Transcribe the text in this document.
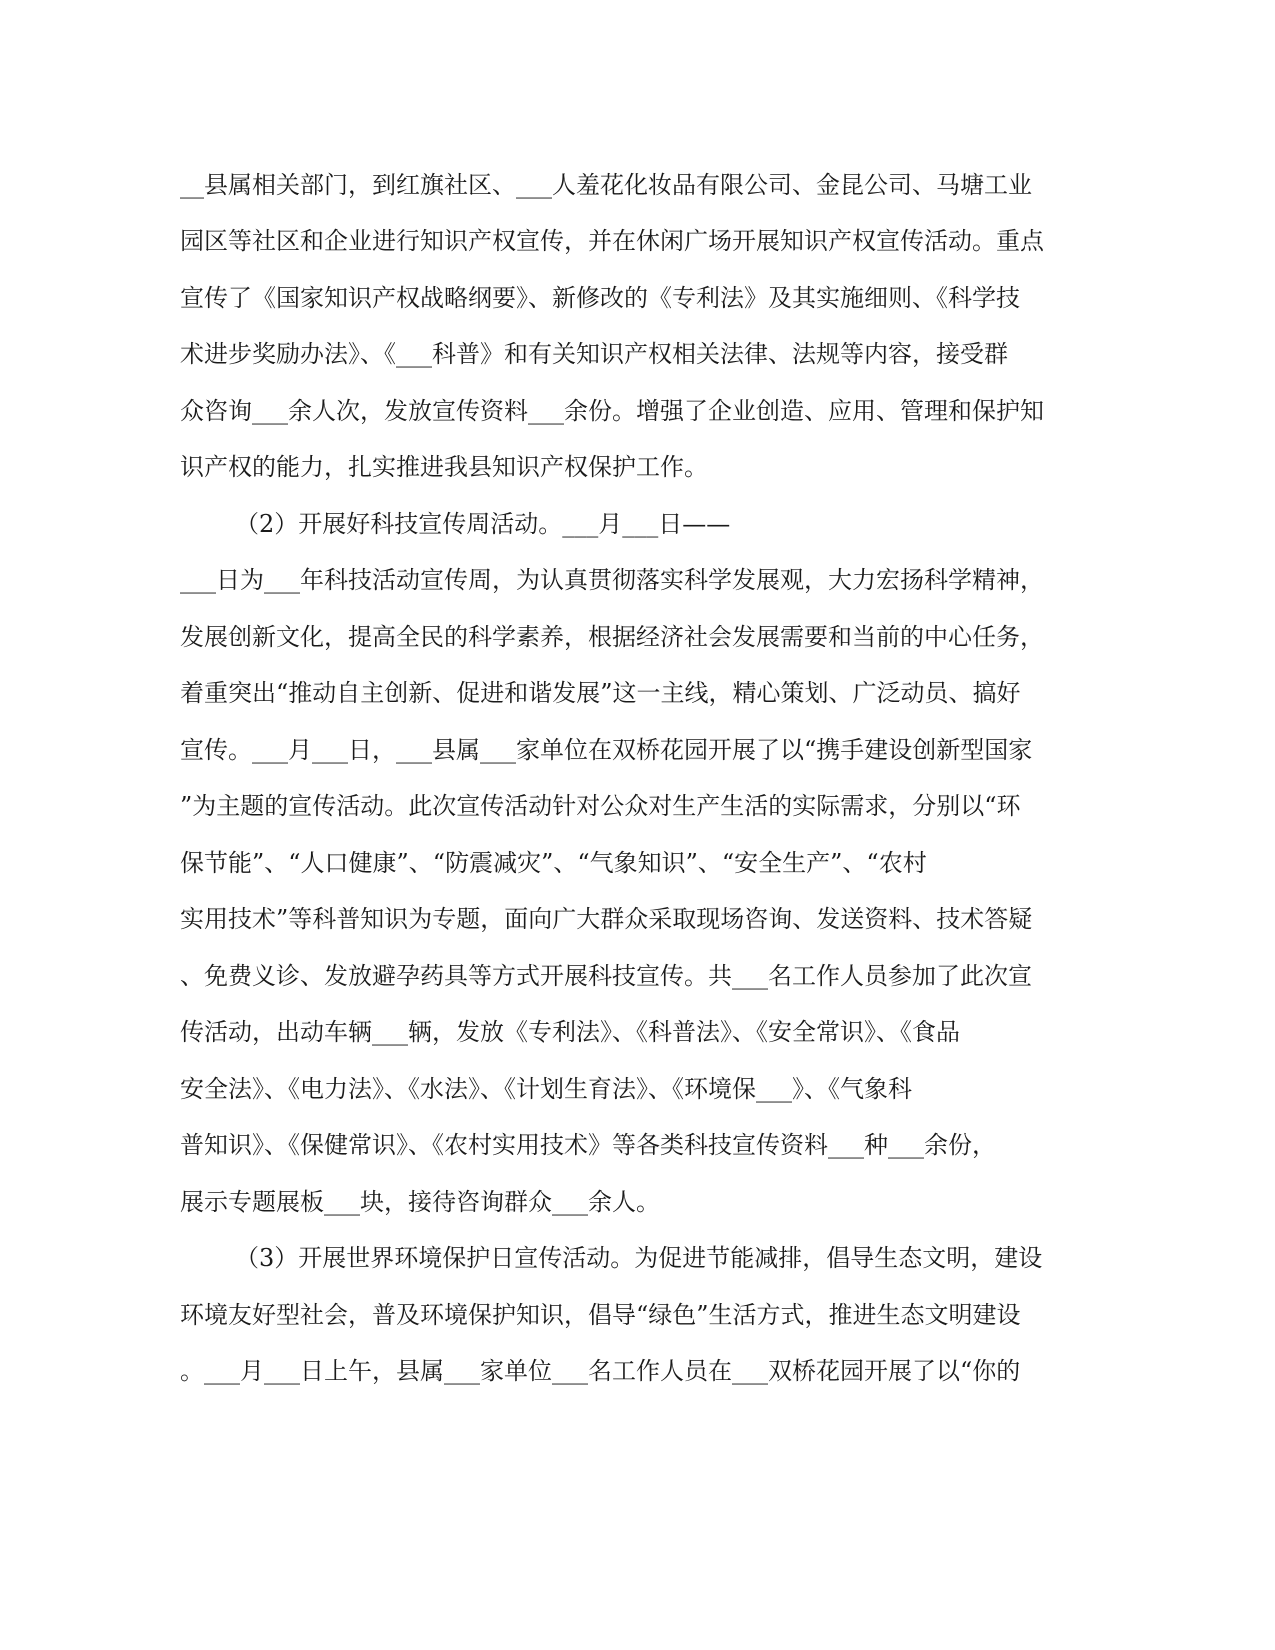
__县属相关部门，到红旗社区、___人羞花化妆品有限公司、金昆公司、马塘工业
园区等社区和企业进行知识产权宣传，并在休闲广场开展知识产权宣传活动。重点
宣传了《国家知识产权战略纲要》、新修改的《专利法》及其实施细则、《科学技
术进步奖励办法》、《___科普》和有关知识产权相关法律、法规等内容，接受群
众咨询___余人次，发放宣传资料___余份。增强了企业创造、应用、管理和保护知
识产权的能力，扎实推进我县知识产权保护工作。
（2）开展好科技宣传周活动。___月___日——
___日为___年科技活动宣传周，为认真贯彻落实科学发展观，大力宏扬科学精神，
发展创新文化，提高全民的科学素养，根据经济社会发展需要和当前的中心任务，
着重突出“推动自主创新、促进和谐发展”这一主线，精心策划、广泛动员、搞好
宣传。___月___日，___县属___家单位在双桥花园开展了以“携手建设创新型国家
”为主题的宣传活动。此次宣传活动针对公众对生产生活的实际需求，分别以“环
保节能”、“人口健康”、“防震减灾”、“气象知识”、“安全生产”、“农村
实用技术”等科普知识为专题，面向广大群众采取现场咨询、发送资料、技术答疑
、免费义诊、发放避孕药具等方式开展科技宣传。共___名工作人员参加了此次宣
传活动，出动车辆___辆，发放《专利法》、《科普法》、《安全常识》、《食品
安全法》、《电力法》、《水法》、《计划生育法》、《环境保___》、《气象科
普知识》、《保健常识》、《农村实用技术》等各类科技宣传资料___种___余份，
展示专题展板___块，接待咨询群众___余人。
（3）开展世界环境保护日宣传活动。为促进节能减排，倡导生态文明，建设
环境友好型社会，普及环境保护知识，倡导“绿色”生活方式，推进生态文明建设
。___月___日上午，县属___家单位___名工作人员在___双桥花园开展了以“你的
